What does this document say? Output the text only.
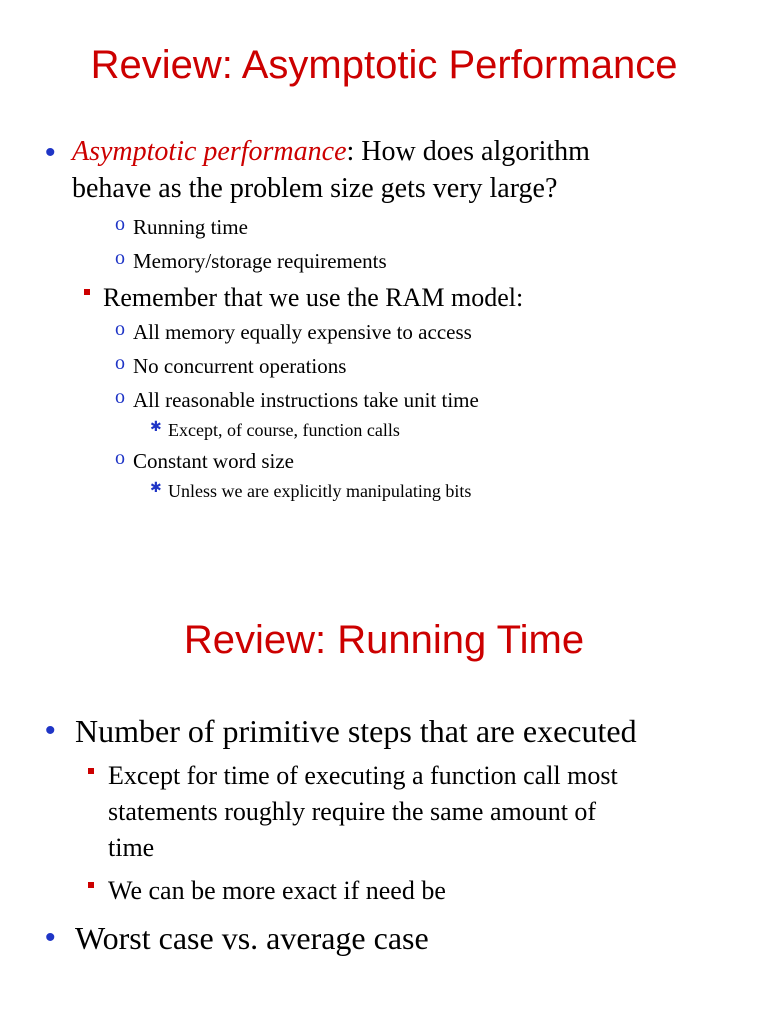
Review: Asymptotic Performance
• Asymptotic performance: How does algorithm
behave as the problem size gets very large?
o Running time
o Memory/storage requirements
Remember that we use the RAM model:
o All memory equally expensive to access
o No concurrent operations
o All reasonable instructions take unit time
✱ Except, of course, function calls
o Constant word size
✱ Unless we are explicitly manipulating bits
Review: Running Time
• Number of primitive steps that are executed
Except for time of executing a function call most
statements roughly require the same amount of
time
We can be more exact if need be
• Worst case vs. average case
